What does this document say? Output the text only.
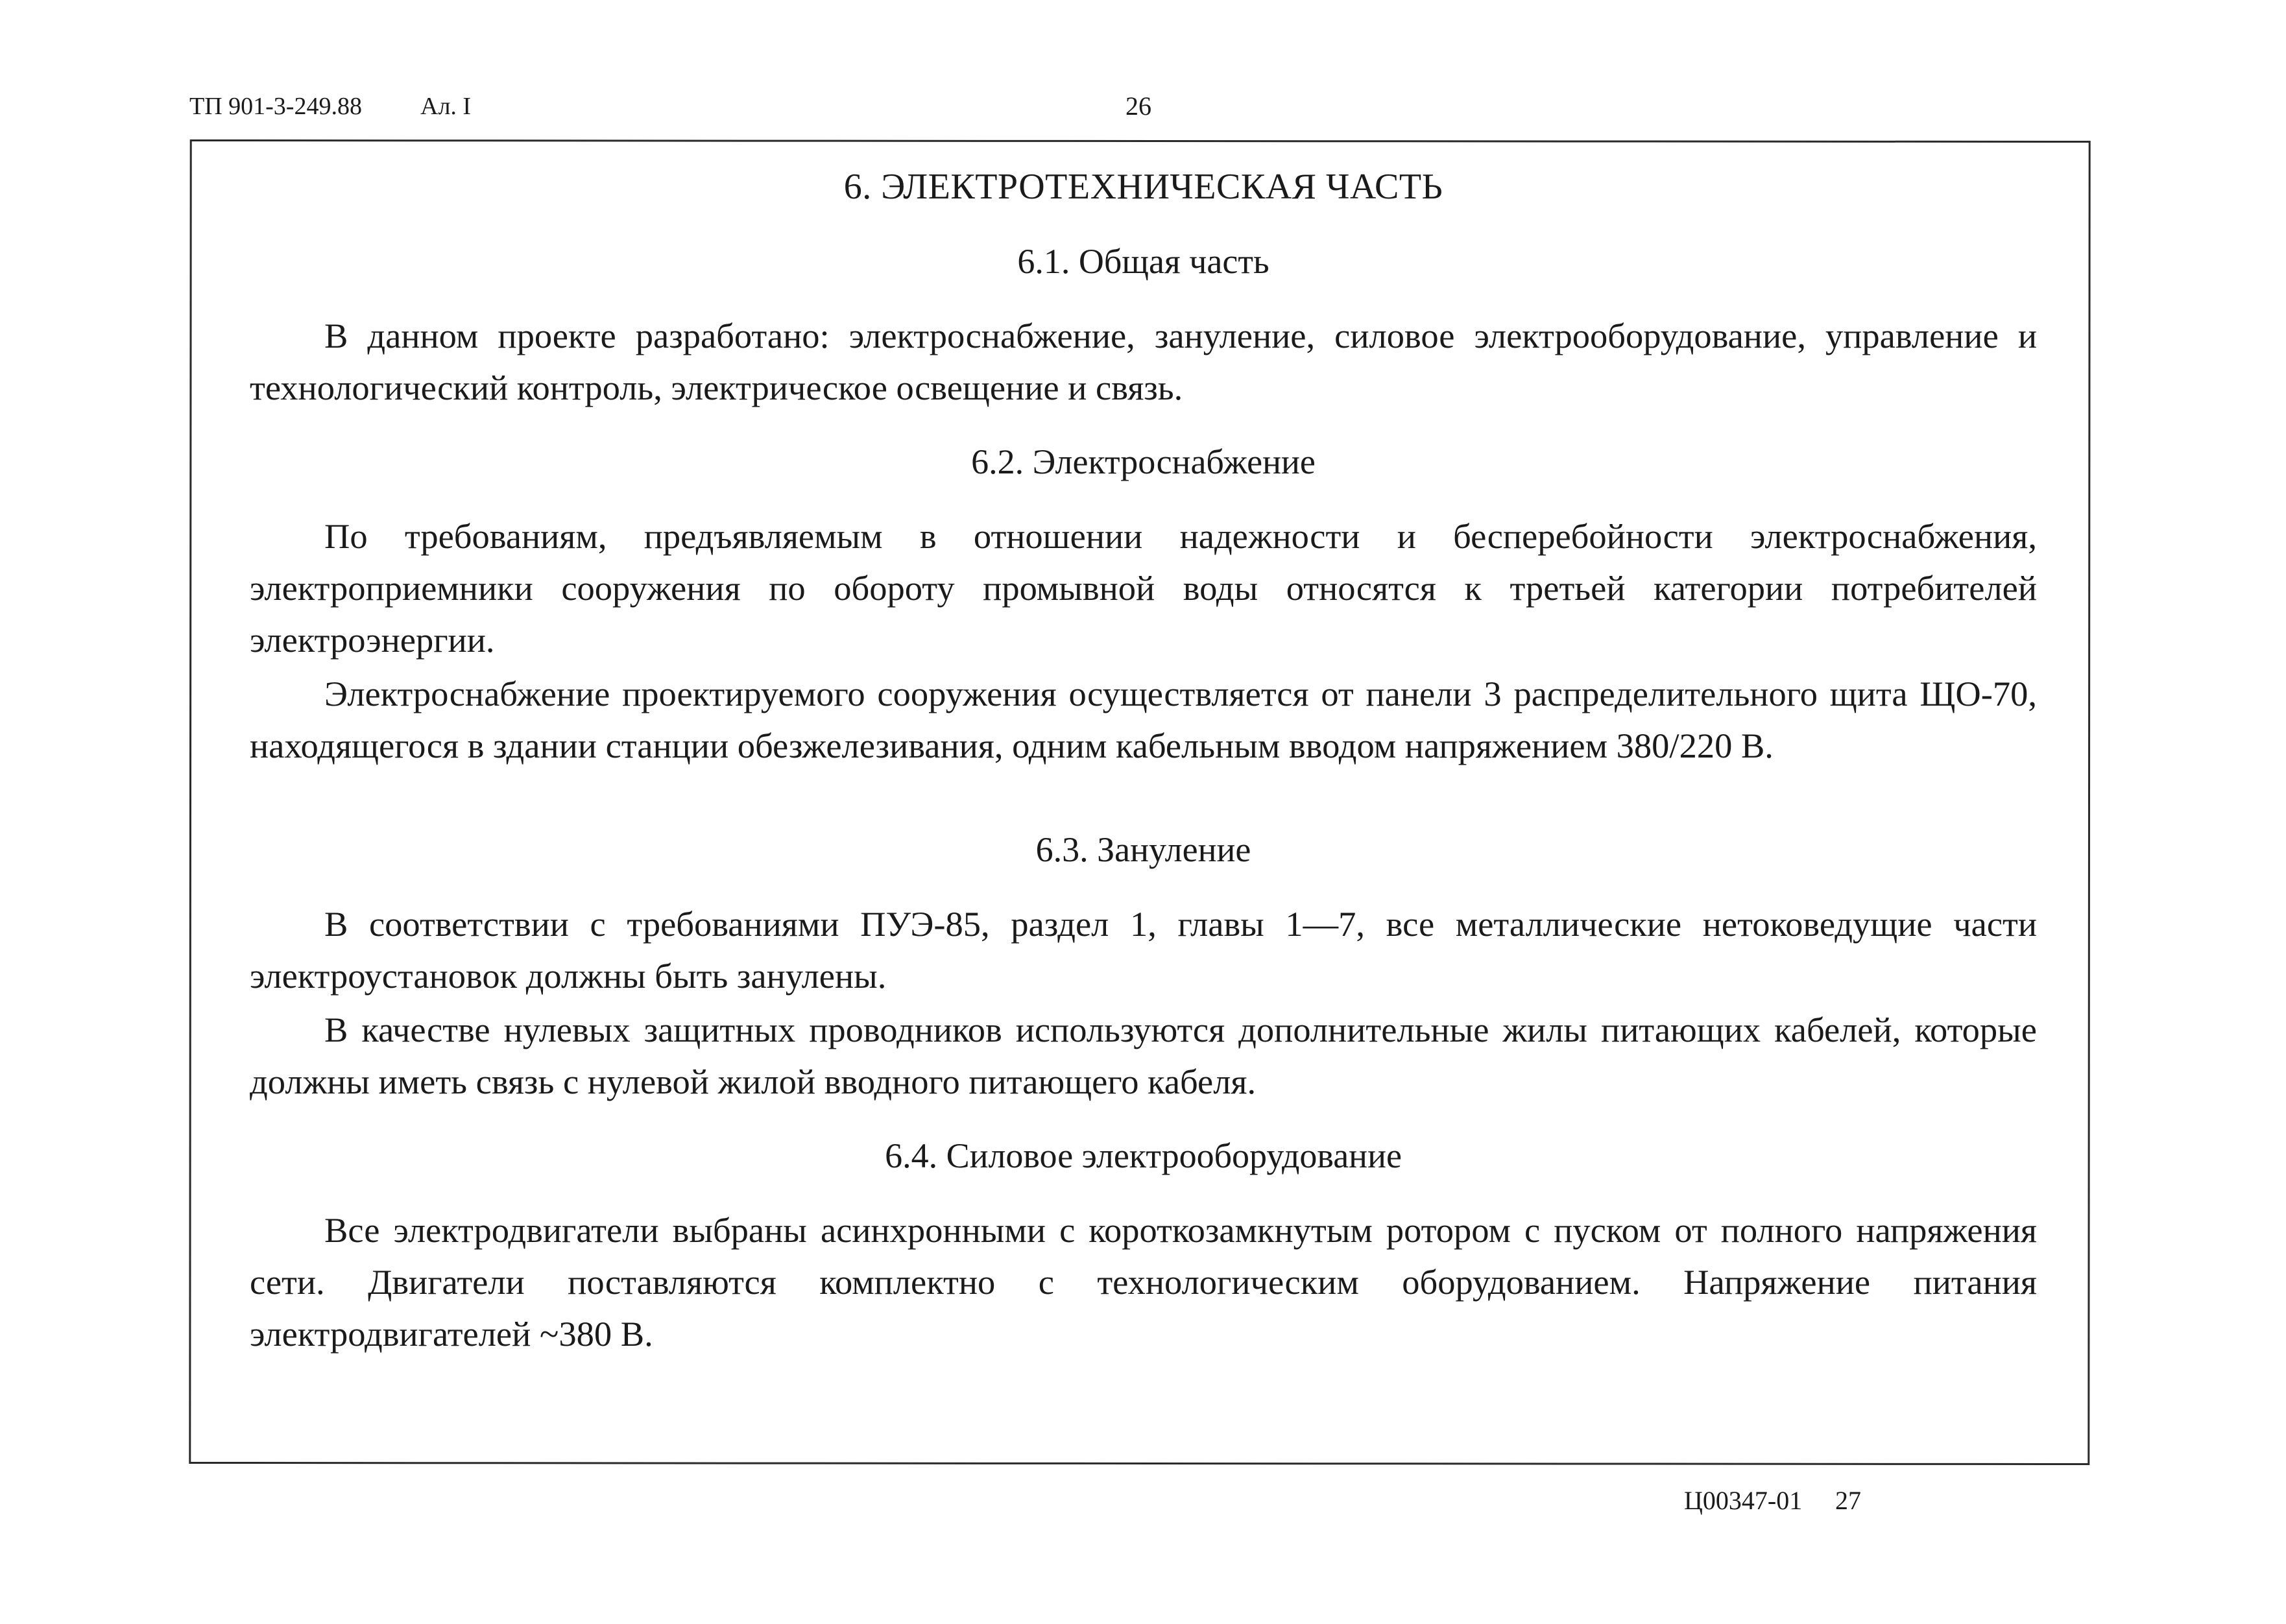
ТП 901-3-249.88 Ал. I	26
6. ЭЛЕКТРОТЕХНИЧЕСКАЯ ЧАСТЬ
6.1. Общая часть

В данном проекте разработано: электроснабжение, зануление, силовое электрооборудование, управление и технологический контроль, электрическое освещение и связь.

6.2. Электроснабжение

По требованиям, предъявляемым в отношении надежности и бесперебойности электроснабжения, электроприемники сооружения по обороту промывной воды относятся к третьей категории потребителей электроэнергии.

Электроснабжение проектируемого сооружения осуществляется от панели 3 распределительного щита ЩО-70, находящегося в здании станции обезжелезивания, одним кабельным вводом напряжением 380/220 В.

6.3. Зануление

В соответствии с требованиями ПУЭ-85, раздел 1, главы 1—7, все металлические нетоковедущие части электроустановок должны быть занулены.

В качестве нулевых защитных проводников используются дополнительные жилы питающих кабелей, которые должны иметь связь с нулевой жилой вводного питающего кабеля.

6.4. Силовое электрооборудование

Все электродвигатели выбраны асинхронными с короткозамкнутым ротором с пуском от полного напряжения сети. Двигатели поставляются комплектно с технологическим оборудованием. Напряжение питания электродвигателей ~380 В.

Ц00347-01 27
